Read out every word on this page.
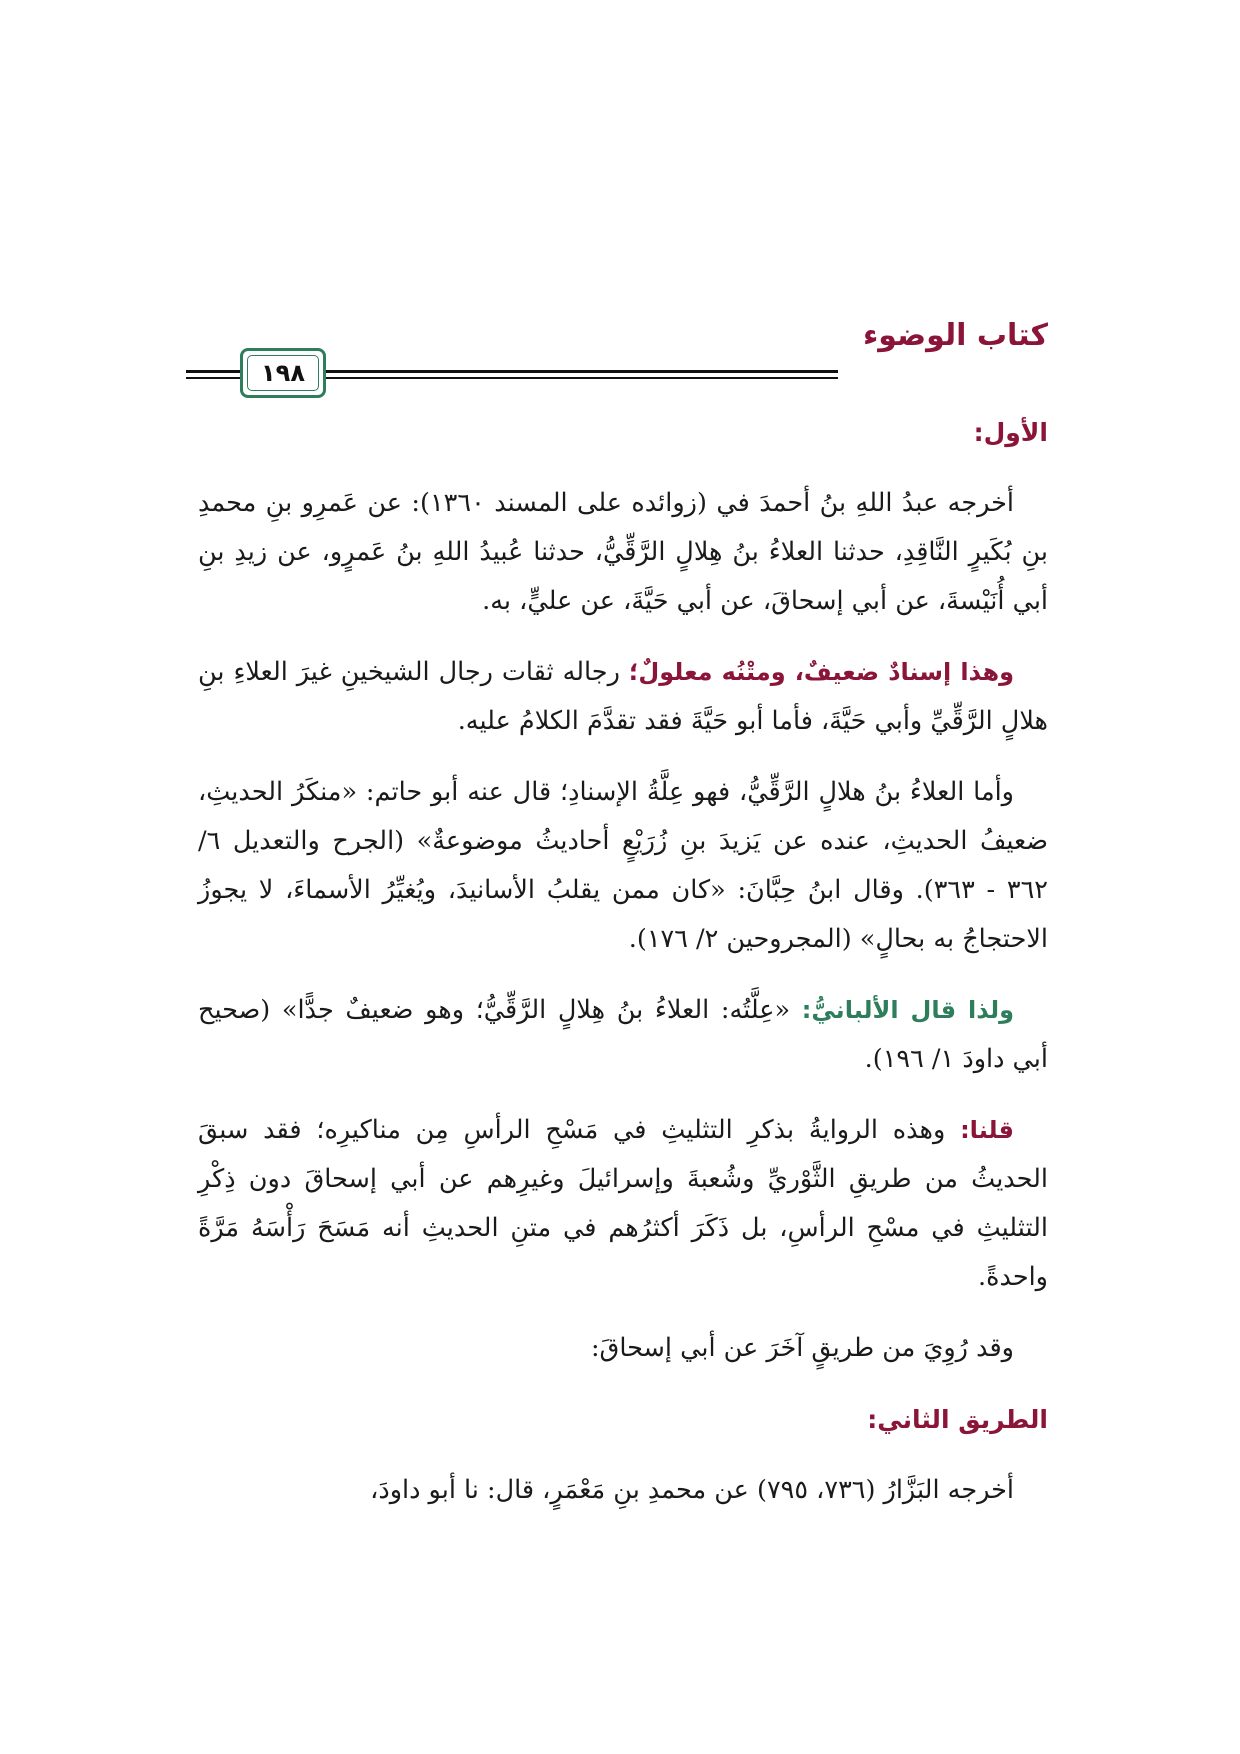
كتاب الوضوء
١٩٨
الأول:

أخرجه عبدُ اللهِ بنُ أحمدَ في (زوائده على المسند ١٣٦٠): عن عَمرِو بنِ محمدِ بنِ بُكَيرٍ النَّاقِدِ، حدثنا العلاءُ بنُ هِلالٍ الرَّقِّيُّ، حدثنا عُبيدُ اللهِ بنُ عَمرٍو، عن زيدِ بنِ أبي أُنَيْسةَ، عن أبي إسحاقَ، عن أبي حَيَّةَ، عن عليٍّ، به.

وهذا إسنادٌ ضعيفٌ، ومتْنُه معلولٌ؛ رجاله ثقات رجال الشيخينِ غيرَ العلاءِ بنِ هلالٍ الرَّقِّيِّ وأبي حَيَّةَ، فأما أبو حَيَّةَ فقد تقدَّمَ الكلامُ عليه.

وأما العلاءُ بنُ هلالٍ الرَّقِّيُّ، فهو عِلَّةُ الإسنادِ؛ قال عنه أبو حاتم: «منكَرُ الحديثِ، ضعيفُ الحديثِ، عنده عن يَزيدَ بنِ زُرَيْعٍ أحاديثُ موضوعةٌ» (الجرح والتعديل ٦/ ٣٦٢ - ٣٦٣). وقال ابنُ حِبَّانَ: «كان ممن يقلبُ الأسانيدَ، ويُغيِّرُ الأسماءَ، لا يجوزُ الاحتجاجُ به بحالٍ» (المجروحين ٢/ ١٧٦).

ولذا قال الألبانيُّ: «عِلَّتُه: العلاءُ بنُ هِلالٍ الرَّقِّيُّ؛ وهو ضعيفٌ جدًّا» (صحيح أبي داودَ ١/ ١٩٦).

قلنا: وهذه الروايةُ بذكرِ التثليثِ في مَسْحِ الرأسِ مِن مناكيرِه؛ فقد سبقَ الحديثُ من طريقِ الثَّوْريِّ وشُعبةَ وإسرائيلَ وغيرِهم عن أبي إسحاقَ دون ذِكْرِ التثليثِ في مسْحِ الرأسِ، بل ذَكَرَ أكثرُهم في متنِ الحديثِ أنه مَسَحَ رَأْسَهُ مَرَّةً واحدةً.

وقد رُوِيَ من طريقٍ آخَرَ عن أبي إسحاقَ:

الطريق الثاني:

أخرجه البَزَّارُ (٧٣٦، ٧٩٥) عن محمدِ بنِ مَعْمَرٍ، قال: نا أبو داودَ،
